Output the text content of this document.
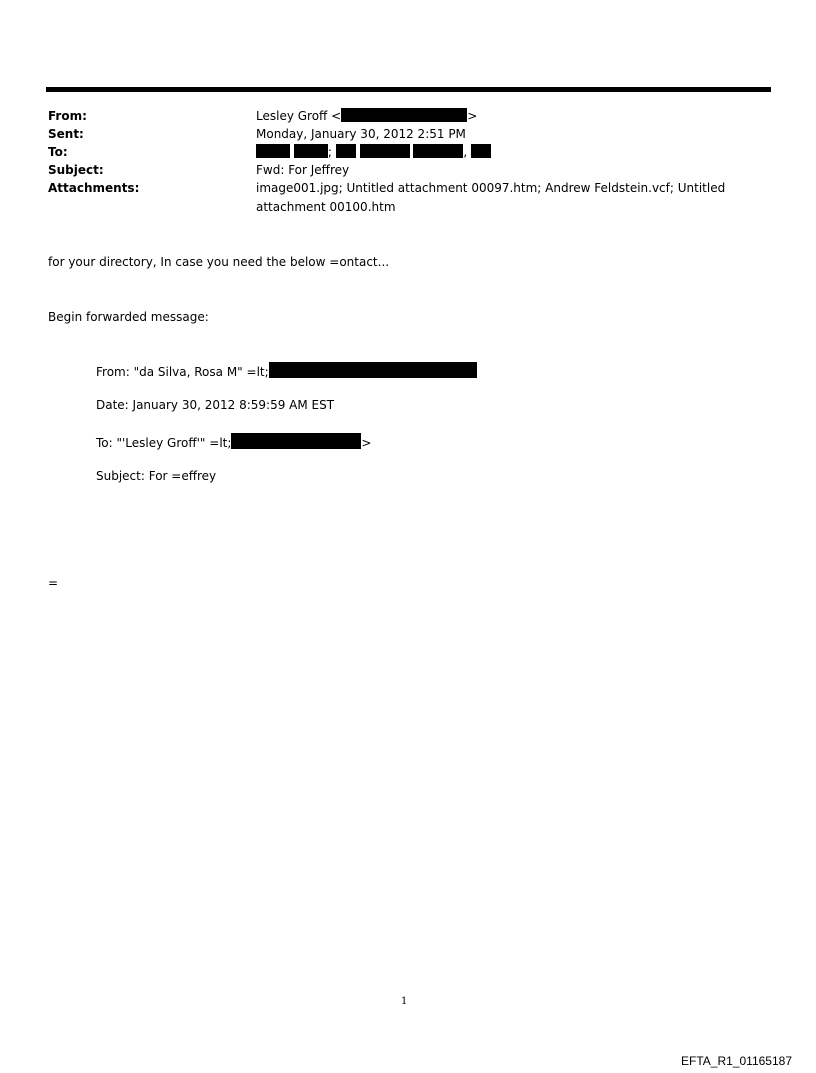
From:	Lesley Groff <	>
Sent:	Monday, January 30, 2012 2:51 PM
To:	;	,
Subject:	Fwd: For Jeffrey
Attachments:	image001.jpg; Untitled attachment 00097.htm; Andrew Feldstein.vcf; Untitled
attachment 00100.htm
for your directory, In case you need the below =ontact...
Begin forwarded message:
From: "da Silva, Rosa M" =lt;
Date: January 30, 2012 8:59:59 AM EST
To: "'Lesley Groff'" =lt;	>
Subject: For =effrey
=
1
EFTA_R1_01165187
